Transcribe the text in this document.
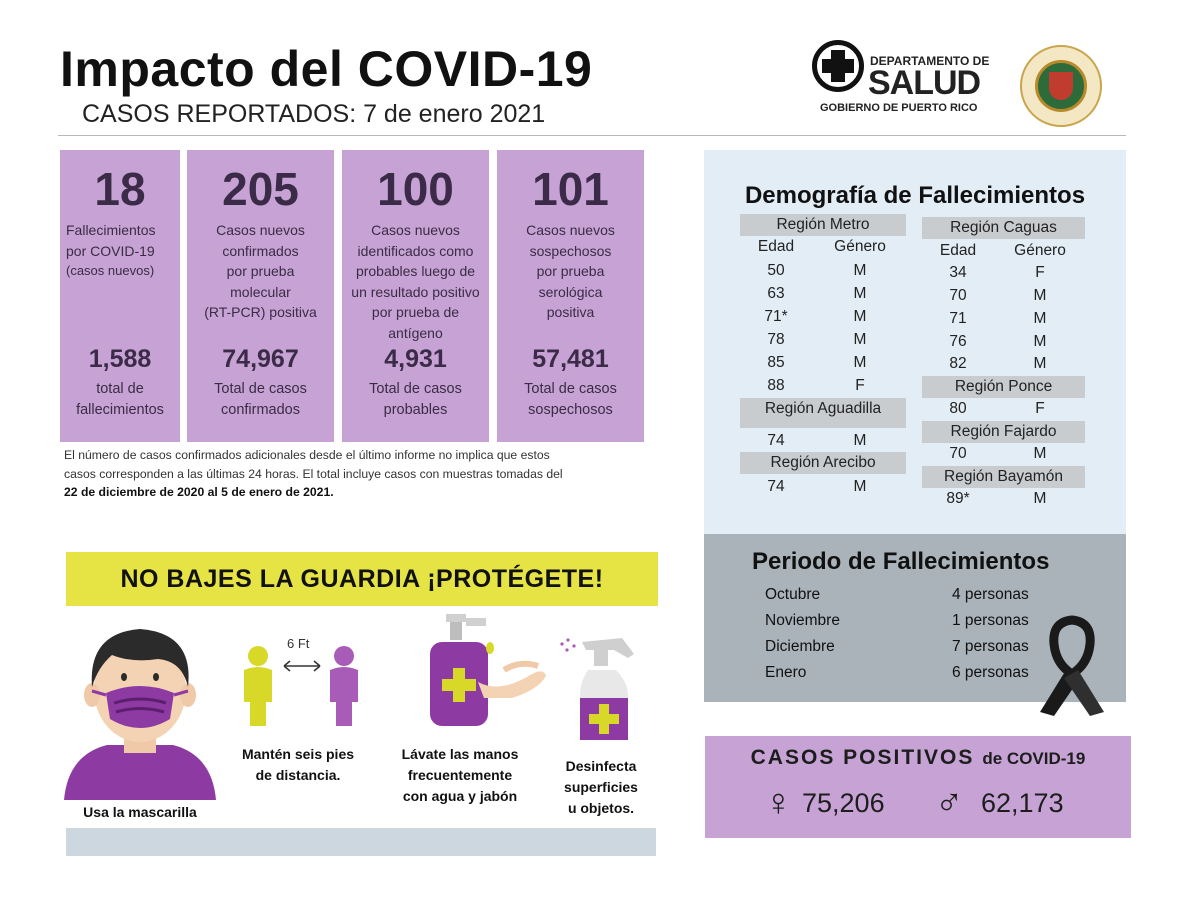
Impacto del COVID-19
CASOS REPORTADOS: 7 de enero 2021
DEPARTAMENTO DE
SALUD
GOBIERNO DE PUERTO RICO
18
Fallecimientos
por COVID-19
(casos nuevos)
1,588
total de
fallecimientos
205
Casos nuevos
confirmados
por prueba
molecular
(RT-PCR) positiva
74,967
Total de casos
confirmados
100
Casos nuevos
identificados como
probables luego de
un resultado positivo
por prueba de
antígeno
4,931
Total de casos
probables
101
Casos nuevos
sospechosos
por prueba
serológica
positiva
57,481
Total de casos
sospechosos
El número de casos confirmados adicionales desde el último informe no implica que estos
casos corresponden a las últimas 24 horas. El total incluye casos con muestras tomadas del
22 de diciembre de 2020 al 5 de enero de 2021.
NO BAJES LA GUARDIA ¡PROTÉGETE!
Usa la mascarilla
6 Ft
Mantén seis pies
de distancia.
Lávate las manos
frecuentemente
con agua y jabón
Desinfecta
superficies
u objetos.
Demografía de Fallecimientos
Región Metro
Edad	Género
50	M
63	M
71*	M
78	M
85	M
88	F
Región Aguadilla
74	M
Región Arecibo
74	M
Región Caguas
Edad	Género
34	F
70	M
71	M
76	M
82	M
Región Ponce
80	F
Región Fajardo
70	M
Región Bayamón
89*	M
Periodo de Fallecimientos
Octubre	4 personas
Noviembre	1 personas
Diciembre	7 personas
Enero	6 personas
CASOS POSITIVOS de COVID-19
♀ 75,206 ♂ 62,173
